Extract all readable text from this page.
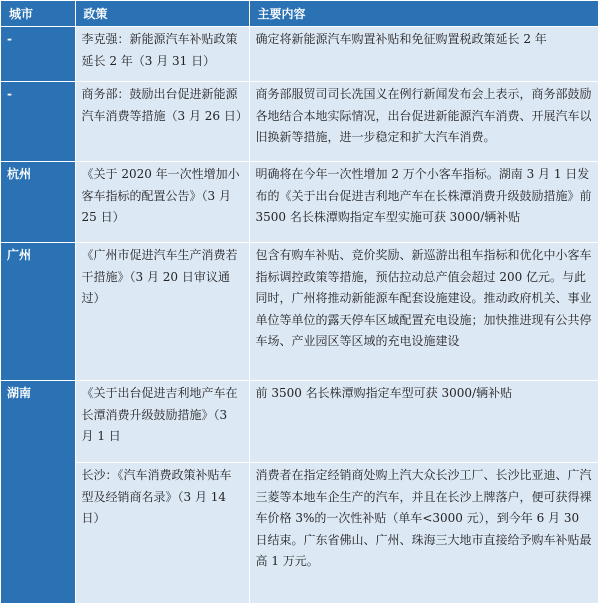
城市	政策	主要内容
-	李克强：新能源汽车补贴政策延长 2 年（3 月 31 日）	确定将新能源汽车购置补贴和免征购置税政策延长 2 年
-	商务部：鼓励出台促进新能源汽车消费等措施（3 月 26 日）	商务部服贸司司长冼国义在例行新闻发布会上表示，商务部鼓励各地结合本地实际情况，出台促进新能源汽车消费、开展汽车以旧换新等措施，进一步稳定和扩大汽车消费。
杭州	《关于 2020 年一次性增加小客车指标的配置公告》（3 月 25 日）	明确将在今年一次性增加 2 万个小客车指标。湖南 3 月 1 日发布的《关于出台促进吉利地产车在长株潭消费升级鼓励措施》前 3500 名长株潭购指定车型实施可获 3000/辆补贴
广州	《广州市促进汽车生产消费若干措施》（3 月 20 日审议通过）	包含有购车补贴、竞价奖励、新巡游出租车指标和优化中小客车指标调控政策等措施，预估拉动总产值会超过 200 亿元。与此同时，广州将推动新能源车配套设施建设。推动政府机关、事业单位等单位的露天停车区域配置充电设施；加快推进现有公共停车场、产业园区等区域的充电设施建设
湖南	《关于出台促进吉利地产车在长潭消费升级鼓励措施》（3 月 1 日	前 3500 名长株潭购指定车型可获 3000/辆补贴
	长沙：《汽车消费政策补贴车型及经销商名录》（3 月 14 日）	消费者在指定经销商处购上汽大众长沙工厂、长沙比亚迪、广汽三菱等本地车企生产的汽车，并且在长沙上牌落户，便可获得裸车价格 3%的一次性补贴（单车<3000 元），到今年 6 月 30 日结束。广东省佛山、广州、珠海三大地市直接给予购车补贴最高 1 万元。
